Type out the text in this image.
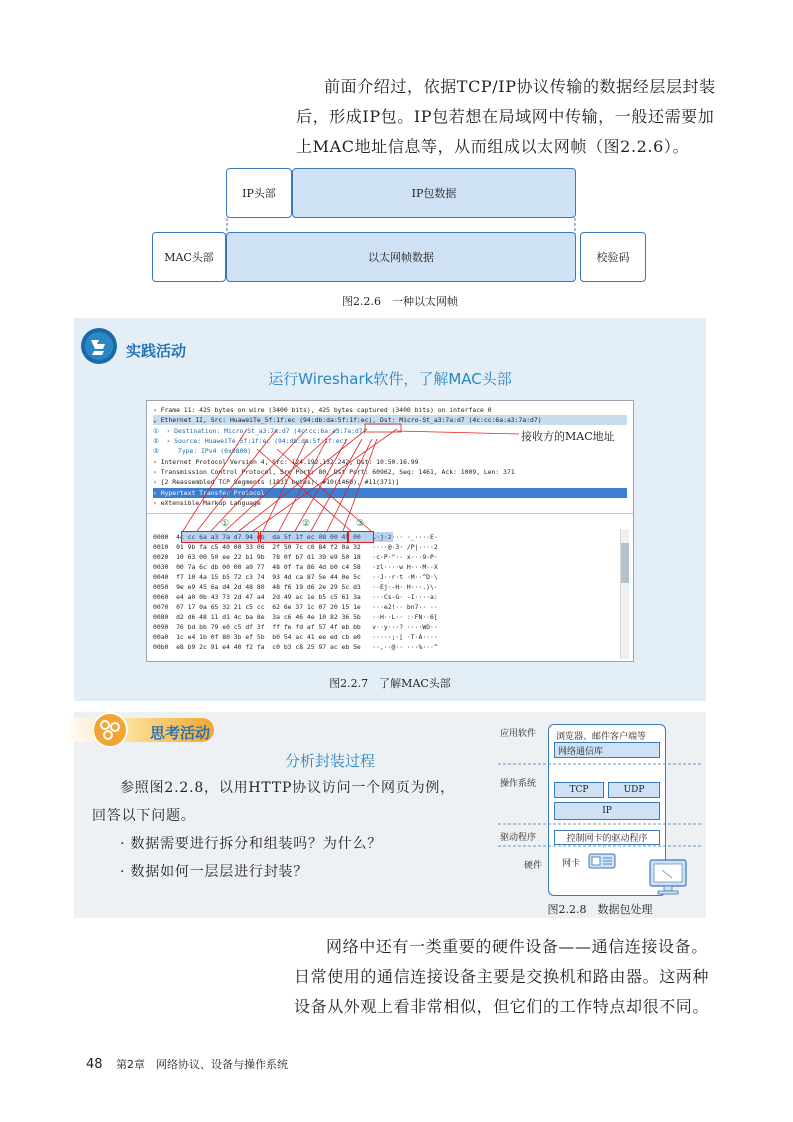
前面介绍过，依据TCP/IP协议传输的数据经层层封装
后，形成IP包。IP包若想在局域网中传输，一般还需要加
上MAC地址信息等，从而组成以太网帧（图2.2.6）。
IP头部	IP包数据
MAC头部	以太网帧数据	校验码
图2.2.6　一种以太网帧
实践活动
运行Wireshark软件，了解MAC头部
› Frame 11: 425 bytes on wire (3400 bits), 425 bytes captured (3400 bits) on interface 0
⌄ Ethernet II, Src: HuaweiTe_5f:1f:ec (94:db:da:5f:1f:ec), Dst: Micro-St_a3:7a:d7 (4c:cc:6a:a3:7a:d7)
①  › Destination: Micro-St_a3:7a:d7 (4c:cc:6a:a3:7a:d7)
②  › Source: HuaweiTe_5f:1f:ec (94:db:da:5f:1f:ec)
③     Type: IPv4 (0x0800)
› Internet Protocol Version 4, Src: 124.192.132.242, Dst: 10.50.16.99
› Transmission Control Protocol, Src Port: 80, Dst Port: 60962, Seq: 1461, Ack: 1009, Len: 371
› [2 Reassembled TCP Segments (1831 bytes): #10(1460), #11(371)]
› Hypertext Transfer Protocol
› eXtensible Markup Language
0000  4c cc 6a a3 7a d7 94 db  da 5f 1f ec 08 00 45 00   L·j·z··· ·_····E·
0010  01 9b fa c5 40 00 33 06  2f 50 7c c0 84 f2 0a 32   ····@·3· /P|····2
0020  10 63 00 50 ee 22 b1 9b  78 0f b7 d1 39 e9 50 18   ·c·P·"·· x···9·P·
0030  00 7a 6c db 00 00 a9 77  48 0f fa 86 4d b0 c4 58   ·zl····w H···M··X
0040  f7 10 4a 15 b5 72 c3 74  93 4d ca 87 5e 44 0e 5c   ··J··r·t ·M··^D·\
0050  9e e9 45 6a d4 2d 48 80  48 f6 19 d6 2e 29 5c d3   ··Ej·-H· H···.)\·
0060  e4 a0 0b 43 73 2d 47 a4  2d 49 ac 1e b5 c5 61 3a   ···Cs-G· -I····a:
0070  07 17 0a 65 32 21 c5 cc  62 6e 37 1c 07 20 15 1e   ···e2!·· bn7·· ··
0080  d2 d6 48 11 d1 4c ba 8e  3a c6 46 4e 10 82 36 5b   ··H··L·· :·FN··6[
0090  76 bd bb 79 e0 c5 df 3f  ff fe fd af 57 4f eb bb   v··y···? ····WO··
00a0  1c e4 1b 0f 80 3b ef 5b  b0 54 ac 41 ee ed cb e0   ·····;·[ ·T·A····
00b0  e8 b9 2c 91 e4 40 f2 fa  c0 b3 c8 25 97 ac eb 5e   ··,··@·· ···%···^
①	②	③
接收方的MAC地址
图2.2.7　了解MAC头部
思考活动
分析封装过程
参照图2.2.8，以用HTTP协议访问一个网页为例，
回答以下问题。
· 数据需要进行拆分和组装吗？为什么？
· 数据如何一层层进行封装？
应用软件
操作系统
驱动程序
硬件
浏览器、邮件客户端等
网络通信库
TCP	UDP
IP
控制网卡的驱动程序
网卡
图2.2.8　数据包处理
网络中还有一类重要的硬件设备——通信连接设备。
日常使用的通信连接设备主要是交换机和路由器。这两种
设备从外观上看非常相似，但它们的工作特点却很不同。
48 第2章　网络协议、设备与操作系统
